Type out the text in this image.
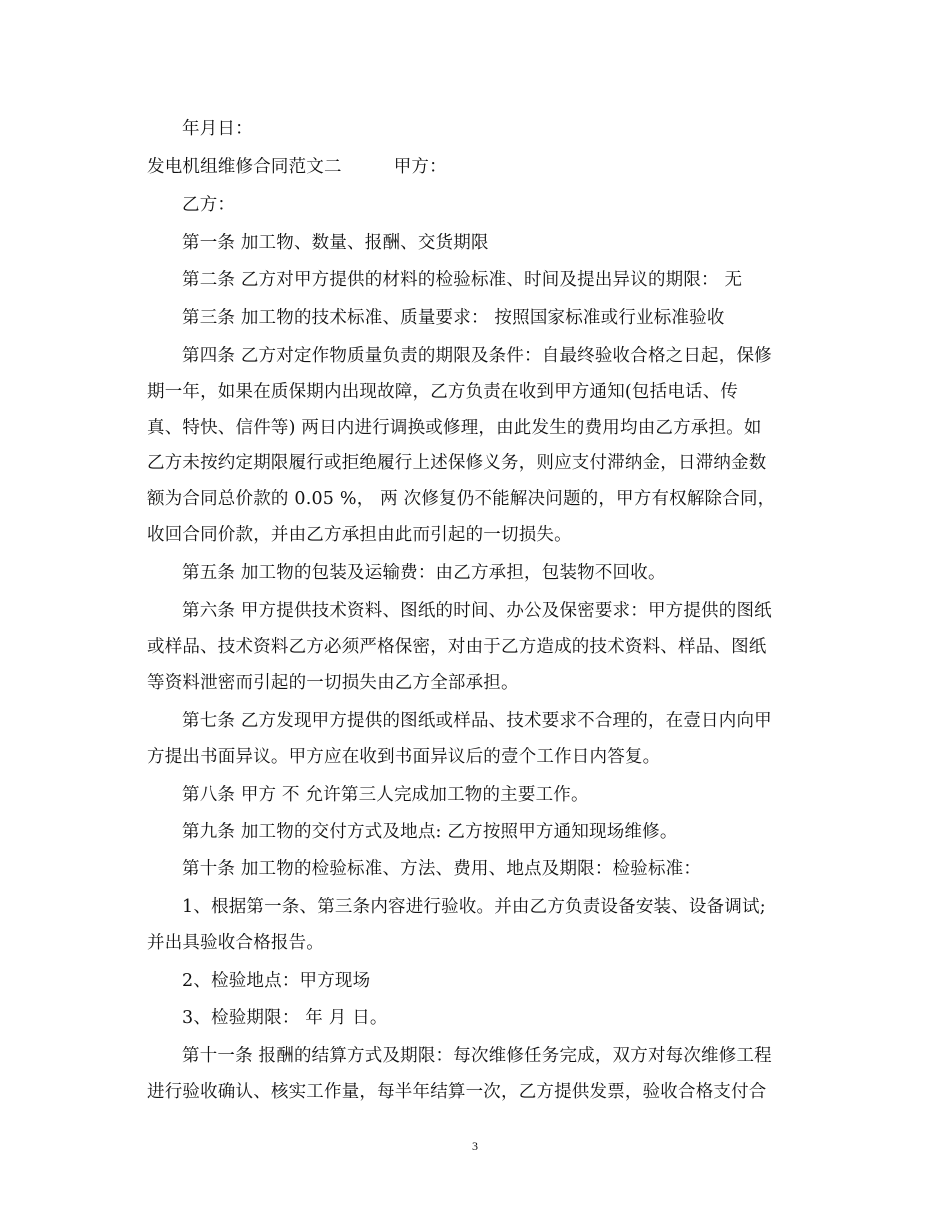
年月日：
发电机组维修合同范文二	甲方：
乙方：
第一条 加工物、数量、报酬、交货期限
第二条 乙方对甲方提供的材料的检验标准、时间及提出异议的期限： 无
第三条 加工物的技术标准、质量要求： 按照国家标准或行业标准验收
第四条 乙方对定作物质量负责的期限及条件：自最终验收合格之日起，保修
期一年，如果在质保期内出现故障，乙方负责在收到甲方通知(包括电话、传
真、特快、信件等) 两日内进行调换或修理，由此发生的费用均由乙方承担。如
乙方未按约定期限履行或拒绝履行上述保修义务，则应支付滞纳金，日滞纳金数
额为合同总价款的 0.05 %， 两 次修复仍不能解决问题的，甲方有权解除合同，
收回合同价款，并由乙方承担由此而引起的一切损失。
第五条 加工物的包装及运输费：由乙方承担，包装物不回收。
第六条 甲方提供技术资料、图纸的时间、办公及保密要求：甲方提供的图纸
或样品、技术资料乙方必须严格保密，对由于乙方造成的技术资料、样品、图纸
等资料泄密而引起的一切损失由乙方全部承担。
第七条 乙方发现甲方提供的图纸或样品、技术要求不合理的，在壹日内向甲
方提出书面异议。甲方应在收到书面异议后的壹个工作日内答复。
第八条 甲方 不 允许第三人完成加工物的主要工作。
第九条 加工物的交付方式及地点: 乙方按照甲方通知现场维修。
第十条 加工物的检验标准、方法、费用、地点及期限：检验标准：
1、根据第一条、第三条内容进行验收。并由乙方负责设备安装、设备调试;
并出具验收合格报告。
2、检验地点：甲方现场
3、检验期限： 年 月 日。
第十一条 报酬的结算方式及期限：每次维修任务完成，双方对每次维修工程
进行验收确认、核实工作量，每半年结算一次，乙方提供发票，验收合格支付合
3
